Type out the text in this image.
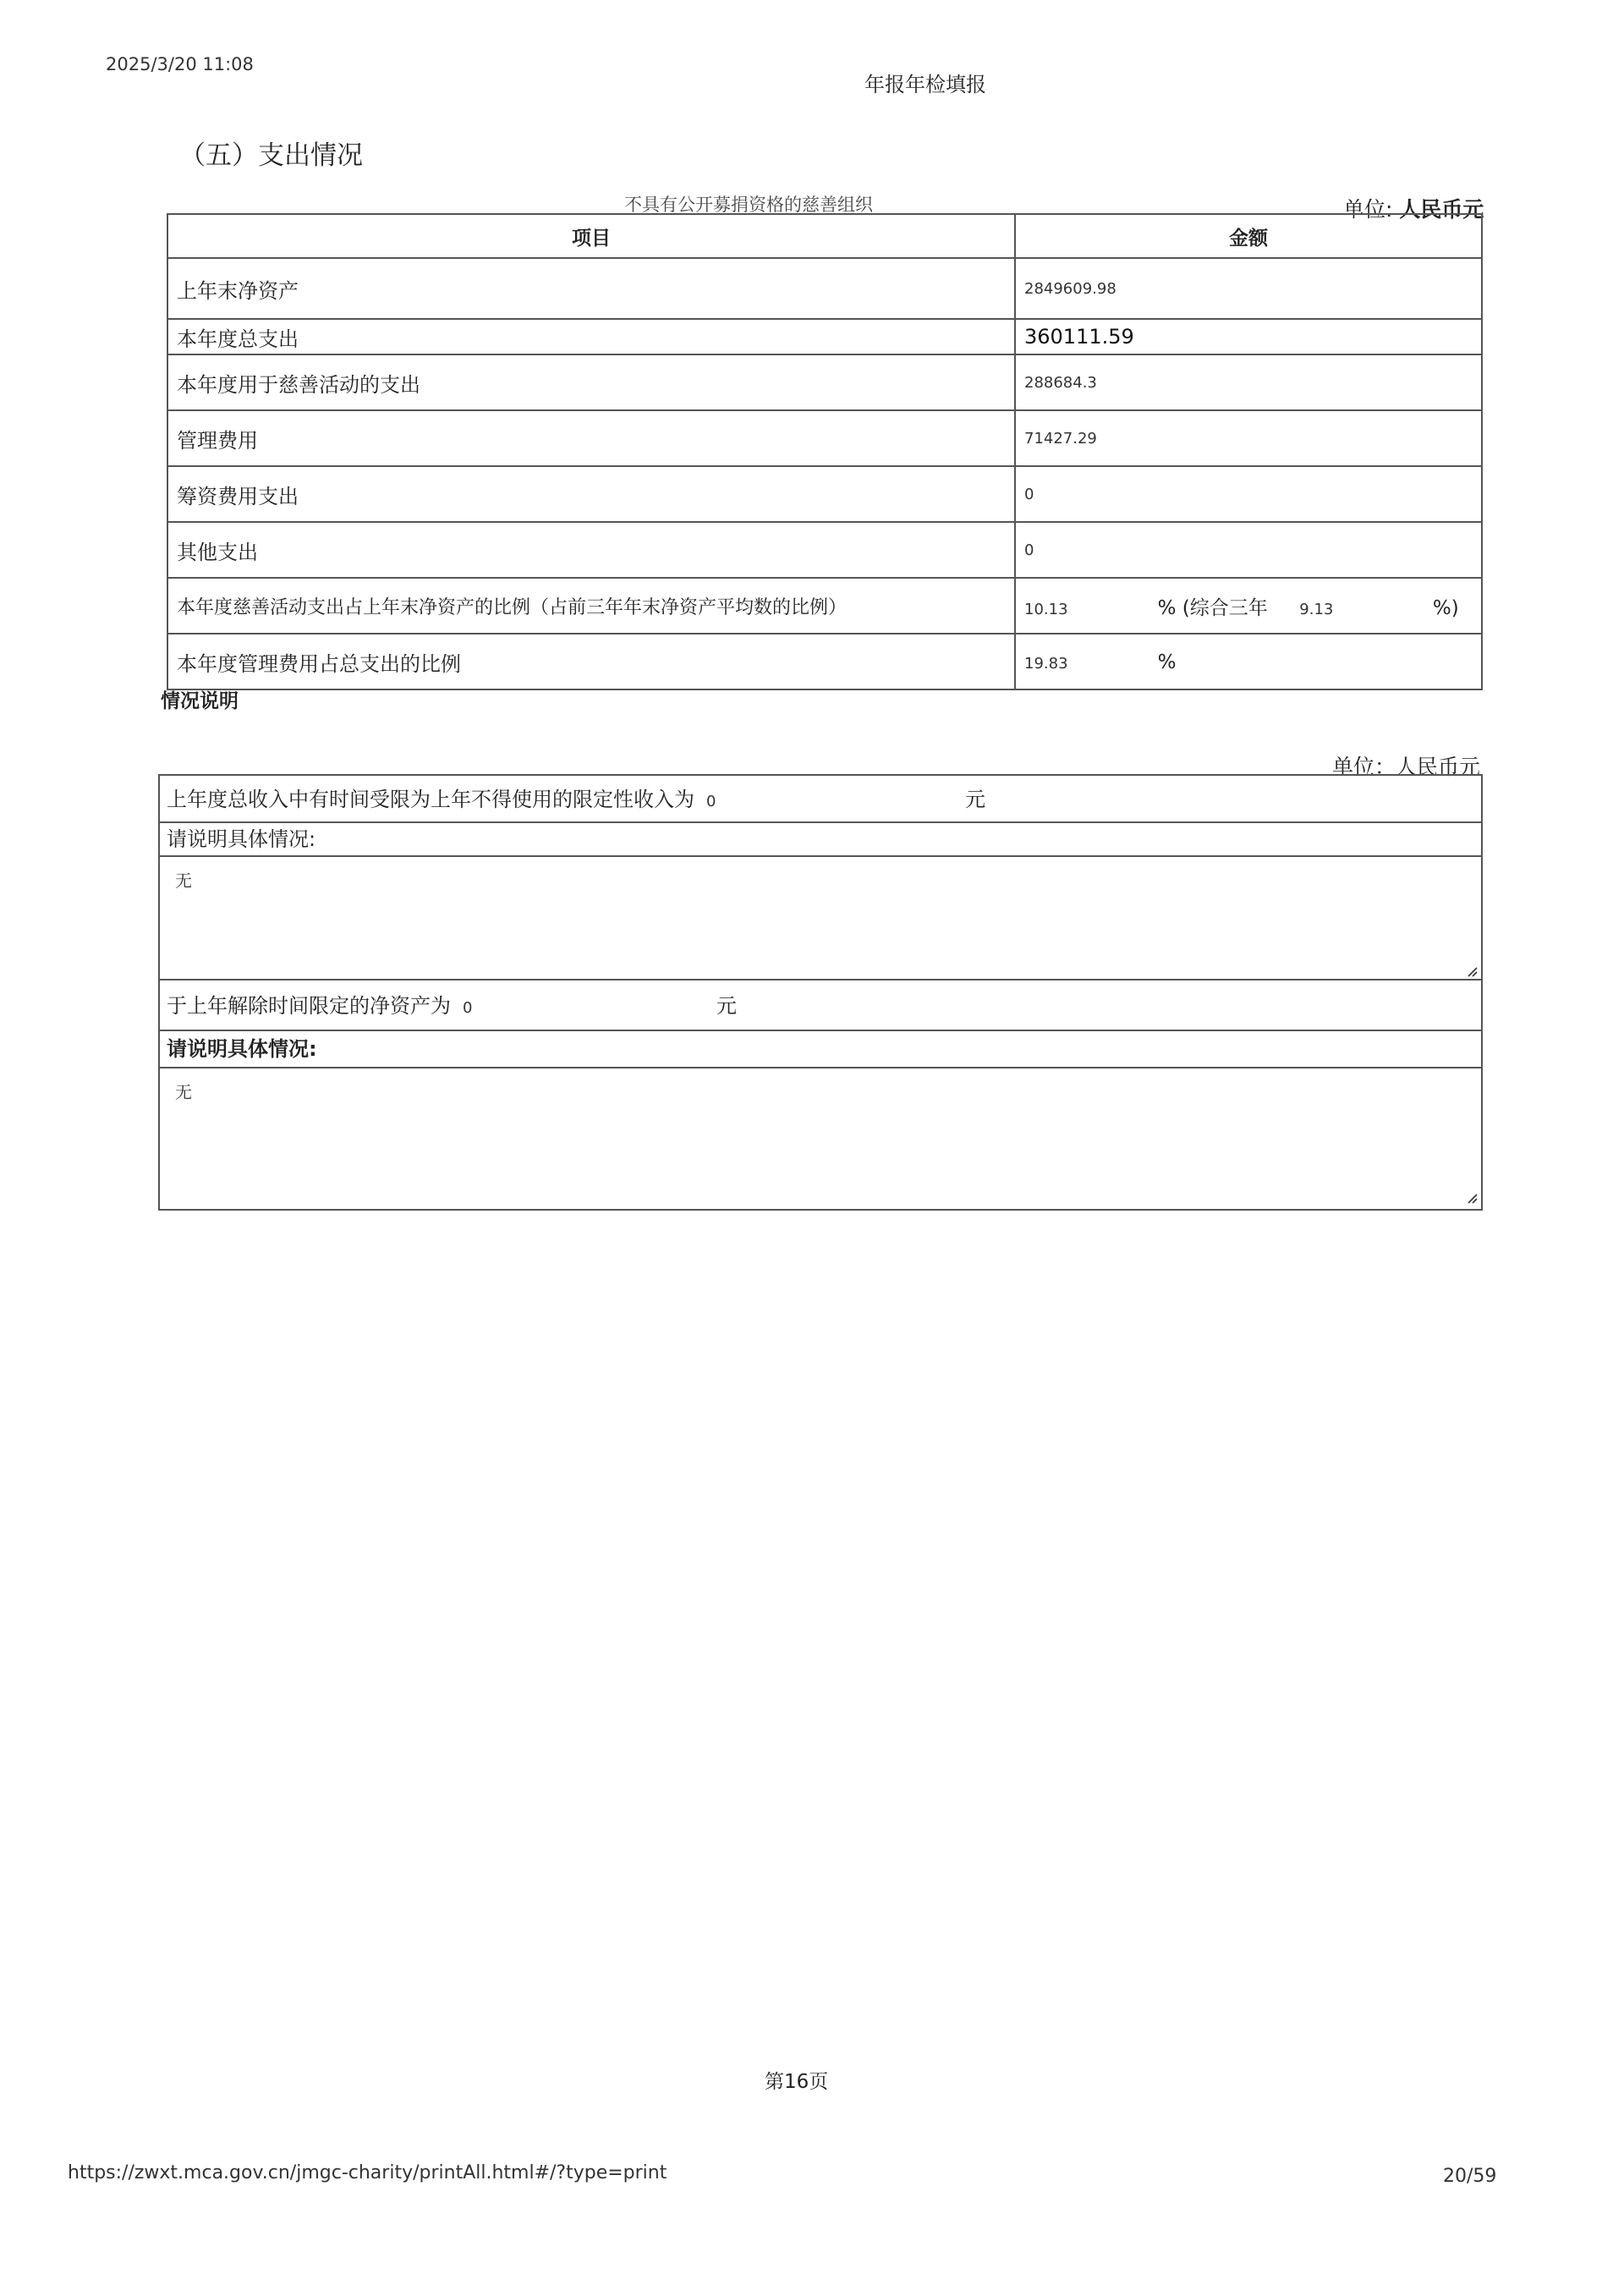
2025/3/20 11:08
年报年检填报
（五）支出情况
不具有公开募捐资格的慈善组织	单位: 人民币元
项目	金额
上年末净资产	2849609.98
本年度总支出	360111.59
本年度用于慈善活动的支出	288684.3
管理费用	71427.29
筹资费用支出	0
其他支出	0
本年度慈善活动支出占上年末净资产的比例（占前三年年末净资产平均数的比例）	10.13 % (综合三年 9.13 %)
本年度管理费用占总支出的比例	19.83 %
情况说明
单位：人民币元
上年度总收入中有时间受限为上年不得使用的限定性收入为 0	元
请说明具体情况:
无
于上年解除时间限定的净资产为 0	元
请说明具体情况:
无
第16页
https://zwxt.mca.gov.cn/jmgc-charity/printAll.html#/?type=print	20/59
